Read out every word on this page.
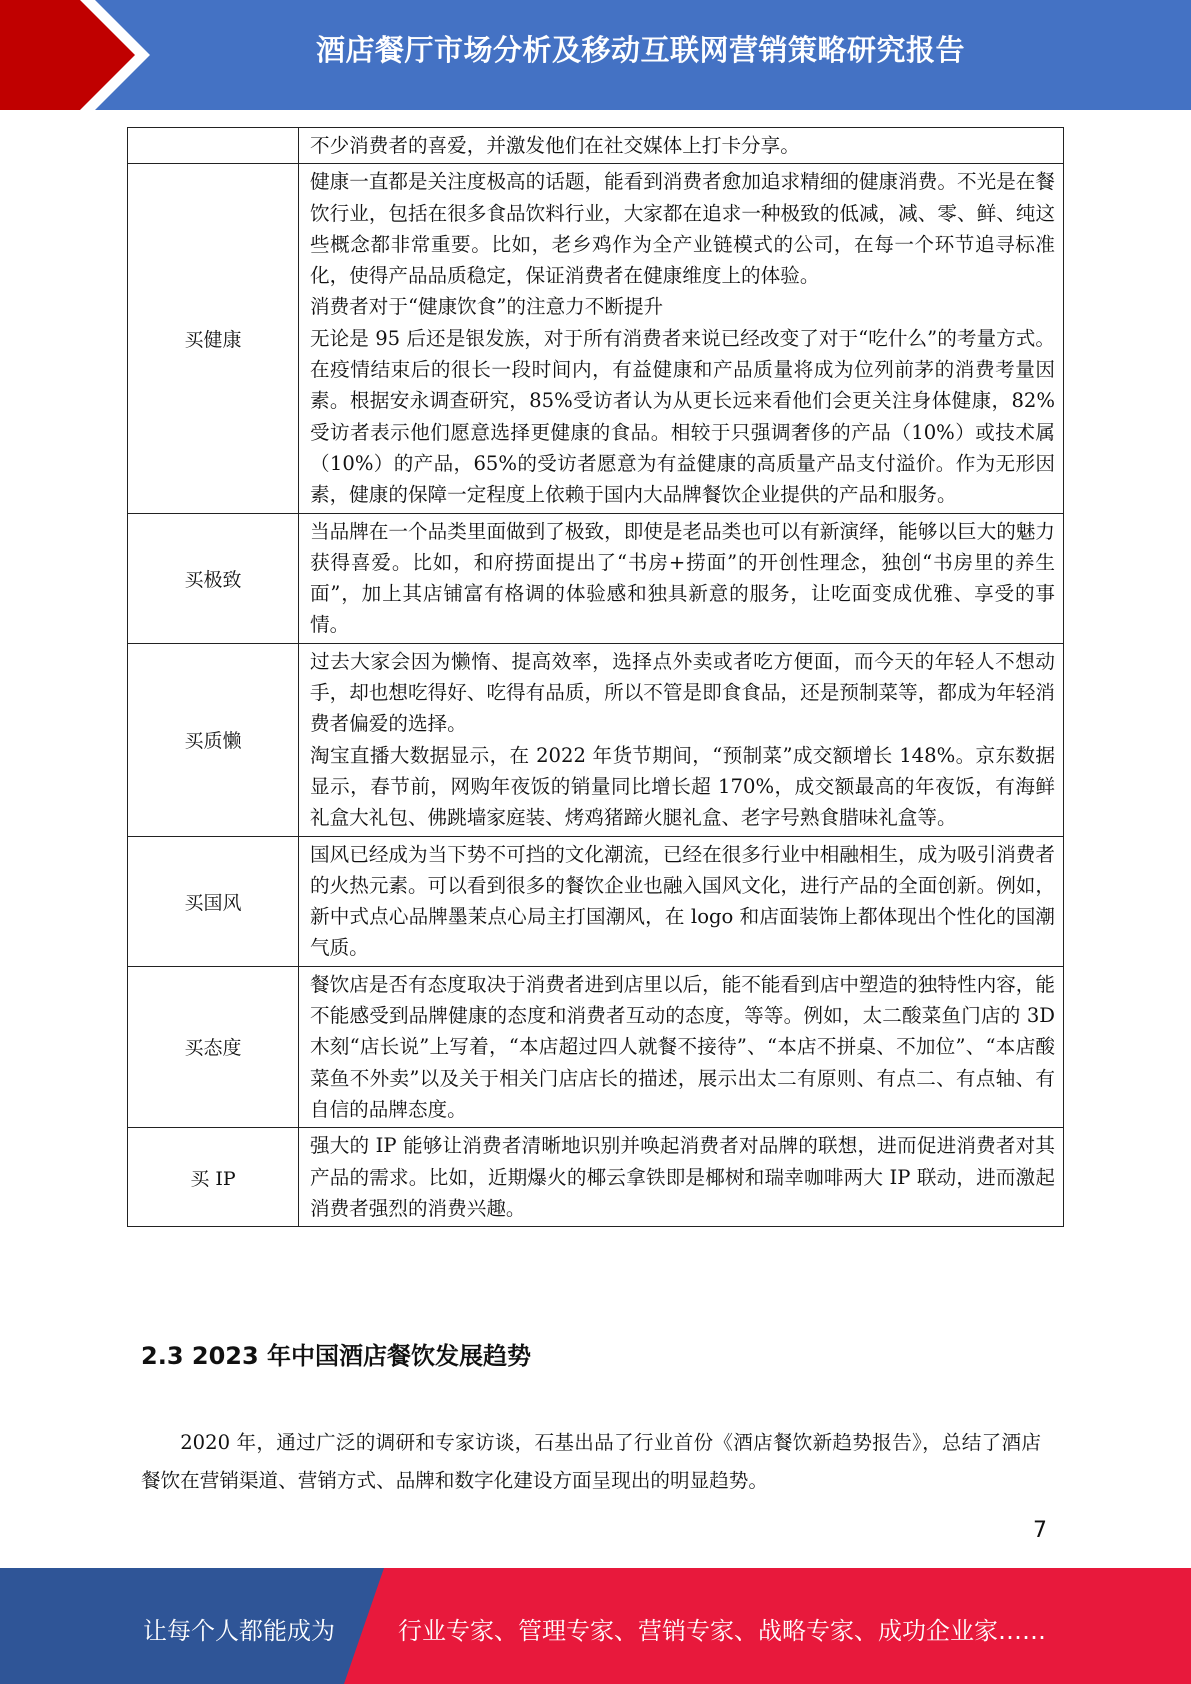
酒店餐厅市场分析及移动互联网营销策略研究报告

	不少消费者的喜爱，并激发他们在社交媒体上打卡分享。

买健康	健康一直都是关注度极高的话题，能看到消费者愈加追求精细的健康消费。不光是在餐饮行业，包括在很多食品饮料行业，大家都在追求一种极致的低减，减、零、鲜、纯这些概念都非常重要。比如，老乡鸡作为全产业链模式的公司，在每一个环节追寻标准化，使得产品品质稳定，保证消费者在健康维度上的体验。

消费者对于“健康饮食”的注意力不断提升

无论是 95 后还是银发族，对于所有消费者来说已经改变了对于“吃什么”的考量方式。在疫情结束后的很长一段时间内，有益健康和产品质量将成为位列前茅的消费考量因素。根据安永调查研究，85%受访者认为从更长远来看他们会更关注身体健康，82%受访者表示他们愿意选择更健康的食品。相较于只强调奢侈的产品（10%）或技术属（10%）的产品，65%的受访者愿意为有益健康的高质量产品支付溢价。作为无形因素，健康的保障一定程度上依赖于国内大品牌餐饮企业提供的产品和服务。

买极致	当品牌在一个品类里面做到了极致，即使是老品类也可以有新演绎，能够以巨大的魅力获得喜爱。比如，和府捞面提出了“书房+捞面”的开创性理念，独创“书房里的养生面”，加上其店铺富有格调的体验感和独具新意的服务，让吃面变成优雅、享受的事情。

买质懒	过去大家会因为懒惰、提高效率，选择点外卖或者吃方便面，而今天的年轻人不想动手，却也想吃得好、吃得有品质，所以不管是即食食品，还是预制菜等，都成为年轻消费者偏爱的选择。

淘宝直播大数据显示，在 2022 年货节期间，“预制菜”成交额增长 148%。京东数据显示，春节前，网购年夜饭的销量同比增长超 170%，成交额最高的年夜饭，有海鲜礼盒大礼包、佛跳墙家庭装、烤鸡猪蹄火腿礼盒、老字号熟食腊味礼盒等。

买国风	国风已经成为当下势不可挡的文化潮流，已经在很多行业中相融相生，成为吸引消费者的火热元素。可以看到很多的餐饮企业也融入国风文化，进行产品的全面创新。例如，新中式点心品牌墨茉点心局主打国潮风，在 logo 和店面装饰上都体现出个性化的国潮气质。

买态度	餐饮店是否有态度取决于消费者进到店里以后，能不能看到店中塑造的独特性内容，能不能感受到品牌健康的态度和消费者互动的态度，等等。例如，太二酸菜鱼门店的 3D 木刻“店长说”上写着，“本店超过四人就餐不接待”、“本店不拼桌、不加位”、“本店酸菜鱼不外卖”以及关于相关门店店长的描述，展示出太二有原则、有点二、有点轴、有自信的品牌态度。

买 IP	强大的 IP 能够让消费者清晰地识别并唤起消费者对品牌的联想，进而促进消费者对其产品的需求。比如，近期爆火的椰云拿铁即是椰树和瑞幸咖啡两大 IP 联动，进而激起消费者强烈的消费兴趣。

2.3 2023 年中国酒店餐饮发展趋势

2020 年，通过广泛的调研和专家访谈，石基出品了行业首份《酒店餐饮新趋势报告》，总结了酒店餐饮在营销渠道、营销方式、品牌和数字化建设方面呈现出的明显趋势。

7
让每个人都能成为	行业专家、管理专家、营销专家、战略专家、成功企业家……
